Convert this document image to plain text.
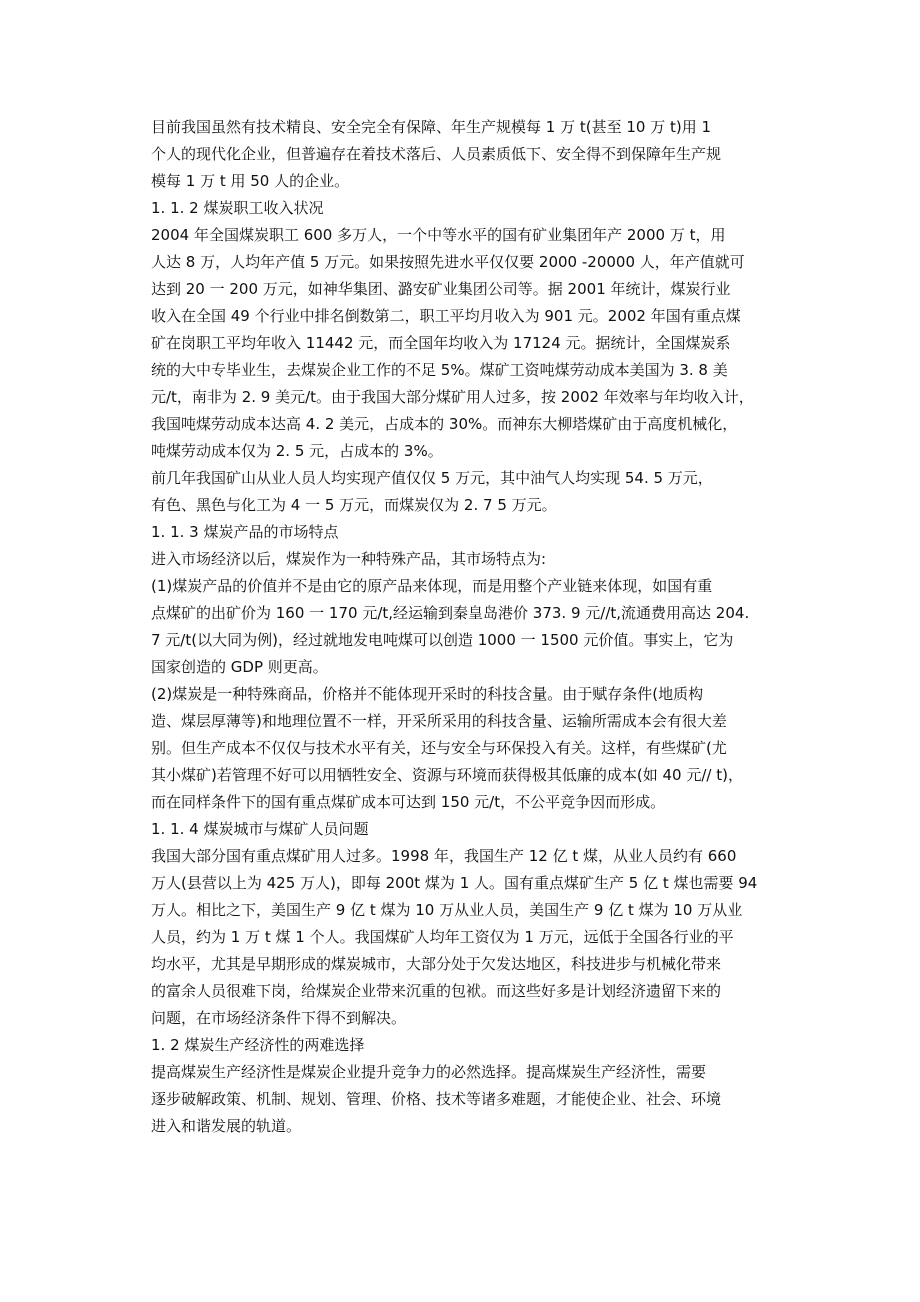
目前我国虽然有技术精良、安全完全有保障、年生产规模每 1 万 t(甚至 10 万 t)用 1
个人的现代化企业，但普遍存在着技术落后、人员素质低下、安全得不到保障年生产规
模每 1 万 t 用 50 人的企业。
1. 1. 2 煤炭职工收入状况
2004 年全国煤炭职工 600 多万人，一个中等水平的国有矿业集团年产 2000 万 t，用
人达 8 万，人均年产值 5 万元。如果按照先进水平仅仅要 2000 -20000 人，年产值就可
达到 20 一 200 万元，如神华集团、潞安矿业集团公司等。据 2001 年统计，煤炭行业
收入在全国 49 个行业中排名倒数第二，职工平均月收入为 901 元。2002 年国有重点煤
矿在岗职工平均年收入 11442 元，而全国年均收入为 17124 元。据统计，全国煤炭系
统的大中专毕业生，去煤炭企业工作的不足 5%。煤矿工资吨煤劳动成本美国为 3. 8 美
元/t，南非为 2. 9 美元/t。由于我国大部分煤矿用人过多，按 2002 年效率与年均收入计，
我国吨煤劳动成本达高 4. 2 美元，占成本的 30%。而神东大柳塔煤矿由于高度机械化，
吨煤劳动成本仅为 2. 5 元，占成本的 3%。
前几年我国矿山从业人员人均实现产值仅仅 5 万元，其中油气人均实现 54. 5 万元，
有色、黑色与化工为 4 一 5 万元，而煤炭仅为 2. 7 5 万元。
1. 1. 3 煤炭产品的市场特点
进入市场经济以后，煤炭作为一种特殊产品，其市场特点为:
(1)煤炭产品的价值并不是由它的原产品来体现，而是用整个产业链来体现，如国有重
点煤矿的出矿价为 160 一 170 元/t,经运输到秦皇岛港价 373. 9 元//t,流通费用高达 204.
7 元/t(以大同为例)，经过就地发电吨煤可以创造 1000 一 1500 元价值。事实上，它为
国家创造的 GDP 则更高。
(2)煤炭是一种特殊商品，价格并不能体现开采时的科技含量。由于赋存条件(地质构
造、煤层厚薄等)和地理位置不一样，开采所采用的科技含量、运输所需成本会有很大差
别。但生产成本不仅仅与技术水平有关，还与安全与环保投入有关。这样，有些煤矿(尤
其小煤矿)若管理不好可以用牺牲安全、资源与环境而获得极其低廉的成本(如 40 元// t)，
而在同样条件下的国有重点煤矿成本可达到 150 元/t，不公平竞争因而形成。
1. 1. 4 煤炭城市与煤矿人员问题
我国大部分国有重点煤矿用人过多。1998 年，我国生产 12 亿 t 煤，从业人员约有 660
万人(县营以上为 425 万人)，即每 200t 煤为 1 人。国有重点煤矿生产 5 亿 t 煤也需要 94
万人。相比之下，美国生产 9 亿 t 煤为 10 万从业人员，美国生产 9 亿 t 煤为 10 万从业
人员，约为 1 万 t 煤 1 个人。我国煤矿人均年工资仅为 1 万元，远低于全国各行业的平
均水平，尤其是早期形成的煤炭城市，大部分处于欠发达地区，科技进步与机械化带来
的富余人员很难下岗，给煤炭企业带来沉重的包袱。而这些好多是计划经济遗留下来的
问题，在市场经济条件下得不到解决。
1. 2 煤炭生产经济性的两难选择
提高煤炭生产经济性是煤炭企业提升竞争力的必然选择。提高煤炭生产经济性，需要
逐步破解政策、机制、规划、管理、价格、技术等诸多难题，才能使企业、社会、环境
进入和谐发展的轨道。
